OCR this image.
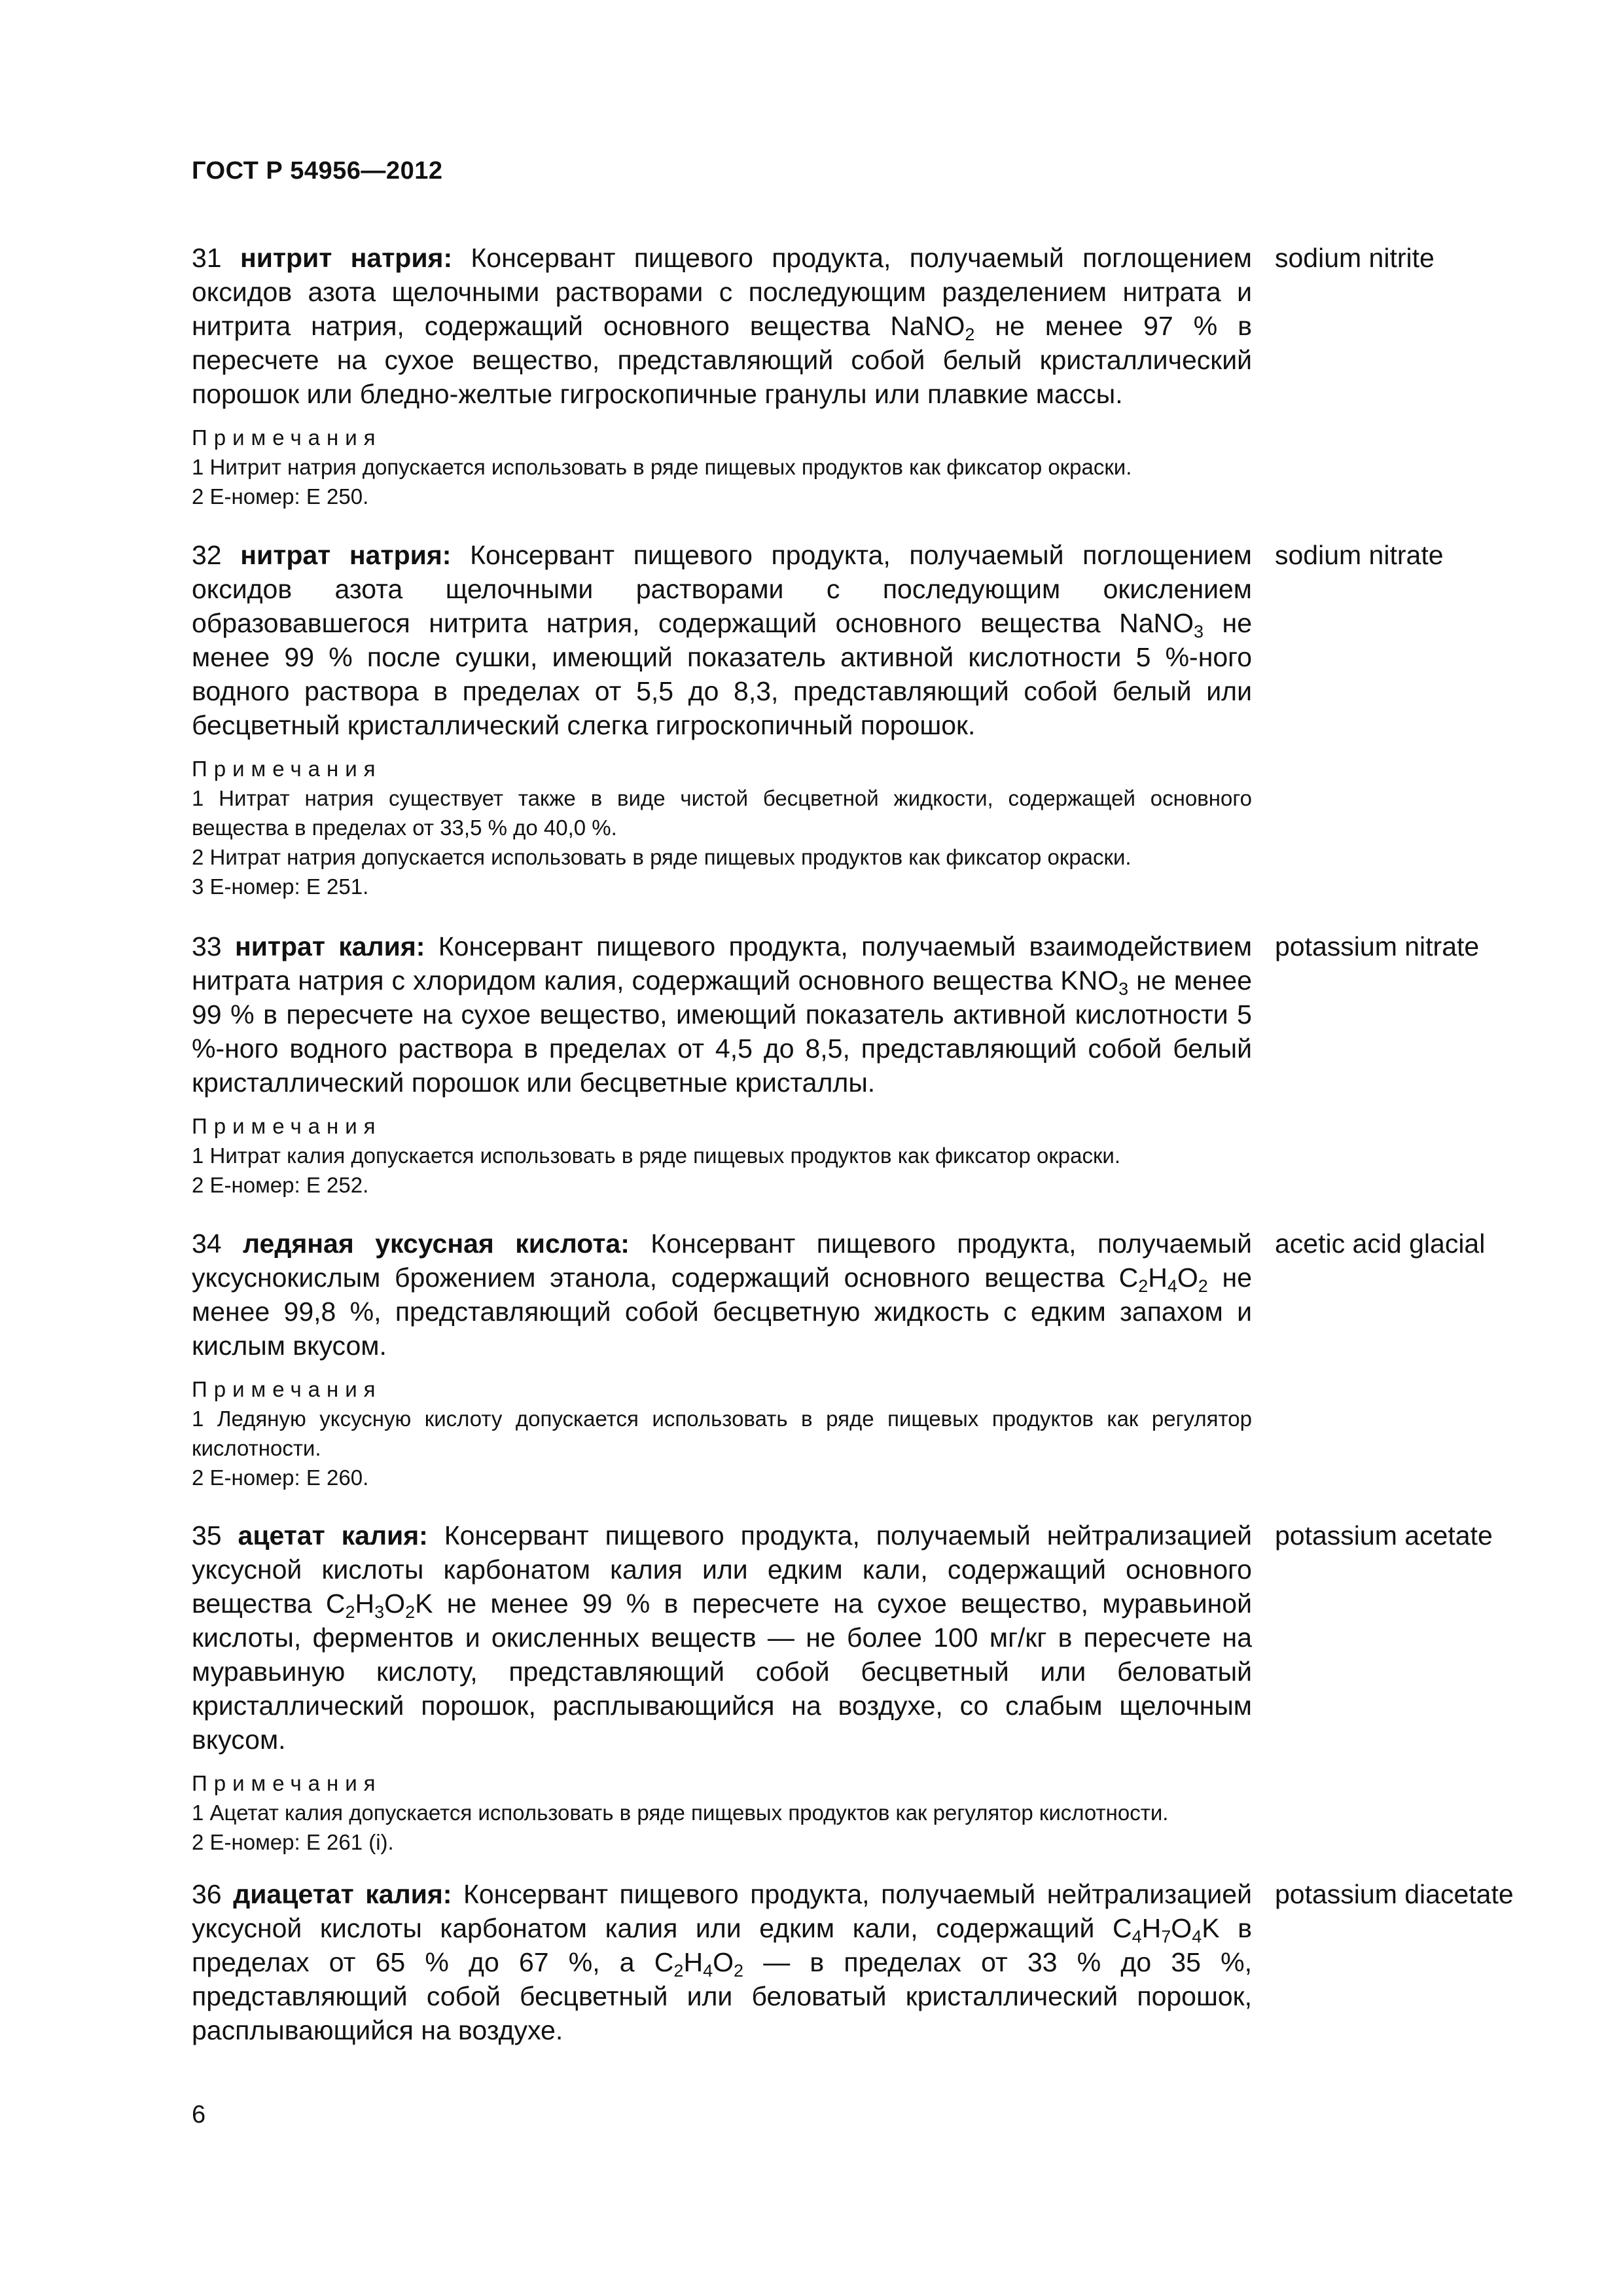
ГОСТ Р 54956—2012
31 нитрит натрия: Консервант пищевого продукта, получаемый поглощением оксидов азота щелочными растворами с последующим разделением нитрата и нитрита натрия, содержащий основного вещества NaNO$_2$ не менее 97 % в пересчете на сухое вещество, представляющий собой белый кристаллический порошок или бледно-желтые гигроскопичные гранулы или плавкие массы.
sodium nitrite
Примечания
1 Нитрит натрия допускается использовать в ряде пищевых продуктов как фиксатор окраски.
2 Е-номер: Е 250.
32 нитрат натрия: Консервант пищевого продукта, получаемый поглощением оксидов азота щелочными растворами с последующим окислением образовавшегося нитрита натрия, содержащий основного вещества NaNO$_3$ не менее 99 % после сушки, имеющий показатель активной кислотности 5 %-ного водного раствора в пределах от 5,5 до 8,3, представляющий собой белый или бесцветный кристаллический слегка гигроскопичный порошок.
sodium nitrate
Примечания
1 Нитрат натрия существует также в виде чистой бесцветной жидкости, содержащей основного вещества в пределах от 33,5 % до 40,0 %.
2 Нитрат натрия допускается использовать в ряде пищевых продуктов как фиксатор окраски.
3 Е-номер: Е 251.
33 нитрат калия: Консервант пищевого продукта, получаемый взаимодействием нитрата натрия с хлоридом калия, содержащий основного вещества $KNO_3$ не менее 99 % в пересчете на сухое вещество, имеющий показатель активной кислотности 5 %-ного водного раствора в пределах от 4,5 до 8,5, представляющий собой белый кристаллический порошок или бесцветные кристаллы.
potassium nitrate
Примечания
1 Нитрат калия допускается использовать в ряде пищевых продуктов как фиксатор окраски.
2 Е-номер: Е 252.
34 ледяная уксусная кислота: Консервант пищевого продукта, получаемый уксуснокислым брожением этанола, содержащий основного вещества $C_2H_4O_2$ не менее 99,8 %, представляющий собой бесцветную жидкость с едким запахом и кислым вкусом.
acetic acid glacial
Примечания
1 Ледяную уксусную кислоту допускается использовать в ряде пищевых продуктов как регулятор кислотности.
2 Е-номер: Е 260.
35 ацетат калия: Консервант пищевого продукта, получаемый нейтрализацией уксусной кислоты карбонатом калия или едким кали, содержащий основного вещества $C_2H_3O_2K$ не менее 99 % в пересчете на сухое вещество, муравьиной кислоты, ферментов и окисленных веществ — не более 100 мг/кг в пересчете на муравьиную кислоту, представляющий собой бесцветный или беловатый кристаллический порошок, расплывающийся на воздухе, со слабым щелочным вкусом.
potassium acetate
Примечания
1 Ацетат калия допускается использовать в ряде пищевых продуктов как регулятор кислотности.
2 Е-номер: Е 261 (i).
36 диацетат калия: Консервант пищевого продукта, получаемый нейтрализацией уксусной кислоты карбонатом калия или едким кали, содержащий $C_4H_7O_4K$ в пределах от 65 % до 67 %, а $C_2H_4O_2$ — в пределах от 33 % до 35 %, представляющий собой бесцветный или беловатый кристаллический порошок, расплывающийся на воздухе.
potassium diacetate
6
